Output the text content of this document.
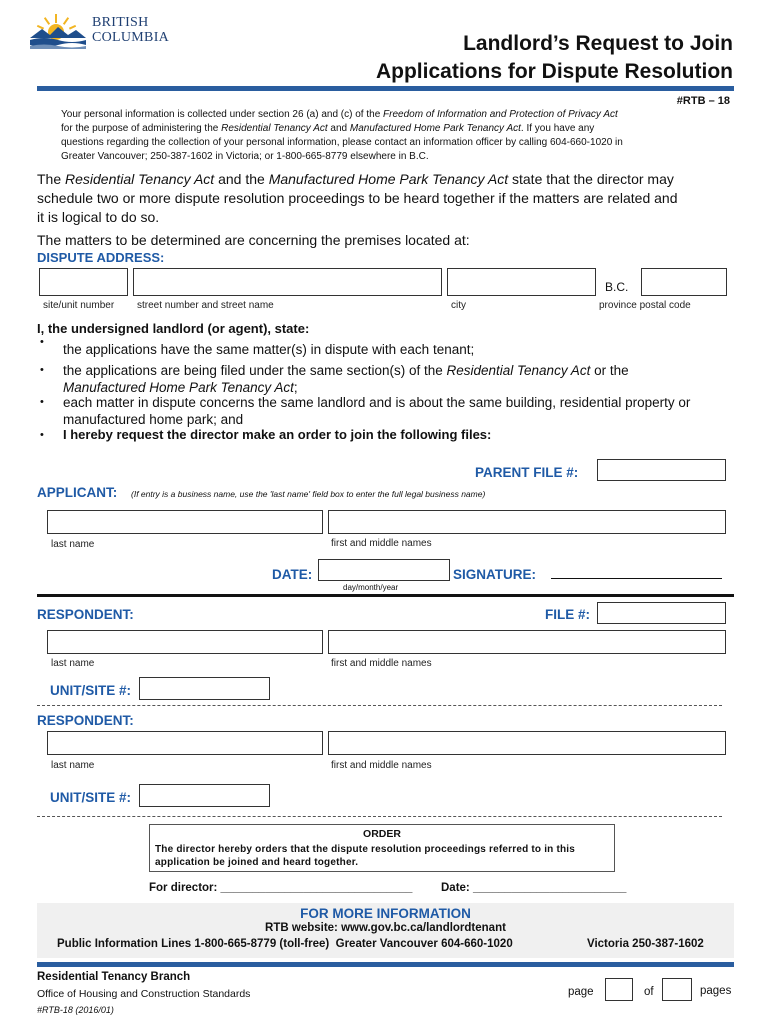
BRITISH
COLUMBIA	Landlord’s Request to Join
Applications for Dispute Resolution
#RTB – 18
Your personal information is collected under section 26 (a) and (c) of the Freedom of Information and Protection of Privacy Act
for the purpose of administering the Residential Tenancy Act and Manufactured Home Park Tenancy Act. If you have any
questions regarding the collection of your personal information, please contact an information officer by calling 604-660-1020 in
Greater Vancouver; 250-387-1602 in Victoria; or 1-800-665-8779 elsewhere in B.C.
The Residential Tenancy Act and the Manufactured Home Park Tenancy Act state that the director may
schedule two or more dispute resolution proceedings to be heard together if the matters are related and
it is logical to do so.
The matters to be determined are concerning the premises located at:
DISPUTE ADDRESS:
B.C.
site/unit number street number and street name	city	province postal code
I, the undersigned landlord (or agent), state:
• the applications have the same matter(s) in dispute with each tenant;
• the applications are being filed under the same section(s) of the Residential Tenancy Act or the
Manufactured Home Park Tenancy Act;
• each matter in dispute concerns the same landlord and is about the same building, residential property or
manufactured home park; and
• I hereby request the director make an order to join the following files:
PARENT FILE #:
APPLICANT: (If entry is a business name, use the 'last name' field box to enter the full legal business name)
last name	first and middle names
DATE:
day/month/year
SIGNATURE:
RESPONDENT:	FILE #:
last name	first and middle names
UNIT/SITE #:
RESPONDENT:
last name	first and middle names
UNIT/SITE #:
ORDER
The director hereby orders that the dispute resolution proceedings referred to in this
application be joined and heard together.
For director: ______________________________ Date: ________________________
FOR MORE INFORMATION
RTB website: www.gov.bc.ca/landlordtenant
Public Information Lines 1-800-665-8779 (toll-free)  Greater Vancouver 604-660-1020	Victoria 250-387-1602
Residential Tenancy Branch
Office of Housing and Construction Standards
#RTB-18 (2016/01)
page	of	pages
